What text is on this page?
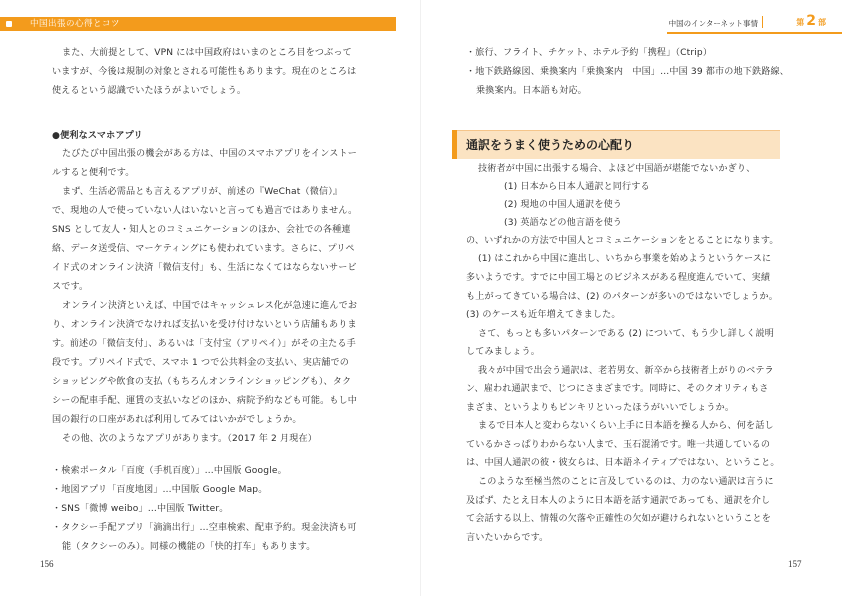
中国出張の心得とコツ
また、大前提として、VPN には中国政府はいまのところ目をつぶって
いますが、今後は規制の対象とされる可能性もあります。現在のところは
使えるという認識でいたほうがよいでしょう。
●便利なスマホアプリ
たびたび中国出張の機会がある方は、中国のスマホアプリをインストー
ルすると便利です。
まず、生活必需品とも言えるアプリが、前述の『WeChat（微信）』
で、現地の人で使っていない人はいないと言っても過言ではありません。
SNS として友人・知人とのコミュニケーションのほか、会社での各種連
絡、データ送受信、マーケティングにも使われています。さらに、プリペ
イド式のオンライン決済「微信支付」も、生活になくてはならないサービ
スです。
オンライン決済といえば、中国ではキャッシュレス化が急速に進んでお
り、オンライン決済でなければ支払いを受け付けないという店舗もありま
す。前述の「微信支付」、あるいは「支付宝（アリペイ）」がその主たる手
段です。プリペイド式で、スマホ 1 つで公共料金の支払い、実店舗での
ショッピングや飲食の支払（もちろんオンラインショッピングも）、タク
シーの配車手配、運賃の支払いなどのほか、病院予約なども可能。もし中
国の銀行の口座があれば利用してみてはいかがでしょうか。
その他、次のようなアプリがあります。（2017 年 2 月現在）
・検索ポータル「百度（手机百度）」…中国版 Google。
・地図アプリ「百度地図」…中国版 Google Map。
・SNS「微博 weibo」…中国版 Twitter。
・タクシー手配アプリ「滴滴出行」…空車検索、配車予約。現金決済も可
能（タクシーのみ）。同様の機能の「快的打车」もあります。
156
中国のインターネット事情	第 2 部
・旅行、フライト、チケット、ホテル予約「携程」（Ctrip）
・地下鉄路線図、乗換案内「乗換案内　中国」…中国 39 都市の地下鉄路線、
乗換案内。日本語も対応。
通訳をうまく使うための心配り
技術者が中国に出張する場合、よほど中国語が堪能でないかぎり、
(1) 日本から日本人通訳と同行する
(2) 現地の中国人通訳を使う
(3) 英語などの他言語を使う
の、いずれかの方法で中国人とコミュニケーションをとることになります。
(1) はこれから中国に進出し、いちから事業を始めようというケースに
多いようです。すでに中国工場とのビジネスがある程度進んでいて、実績
も上がってきている場合は、(2) のパターンが多いのではないでしょうか。
(3) のケースも近年増えてきました。
さて、もっとも多いパターンである (2) について、もう少し詳しく説明
してみましょう。
我々が中国で出会う通訳は、老若男女、新卒から技術者上がりのベテラ
ン、雇われ通訳まで、じつにさまざまです。同時に、そのクオリティもさ
まざま、というよりもピンキリといったほうがいいでしょうか。
まるで日本人と変わらないくらい上手に日本語を操る人から、何を話し
ているかさっぱりわからない人まで、玉石混淆です。唯一共通しているの
は、中国人通訳の彼・彼女らは、日本語ネイティブではない、ということ。
このような至極当然のことに言及しているのは、力のない通訳は言うに
及ばず、たとえ日本人のように日本語を話す通訳であっても、通訳を介し
て会話する以上、情報の欠落や正確性の欠如が避けられないということを
言いたいからです。
157
